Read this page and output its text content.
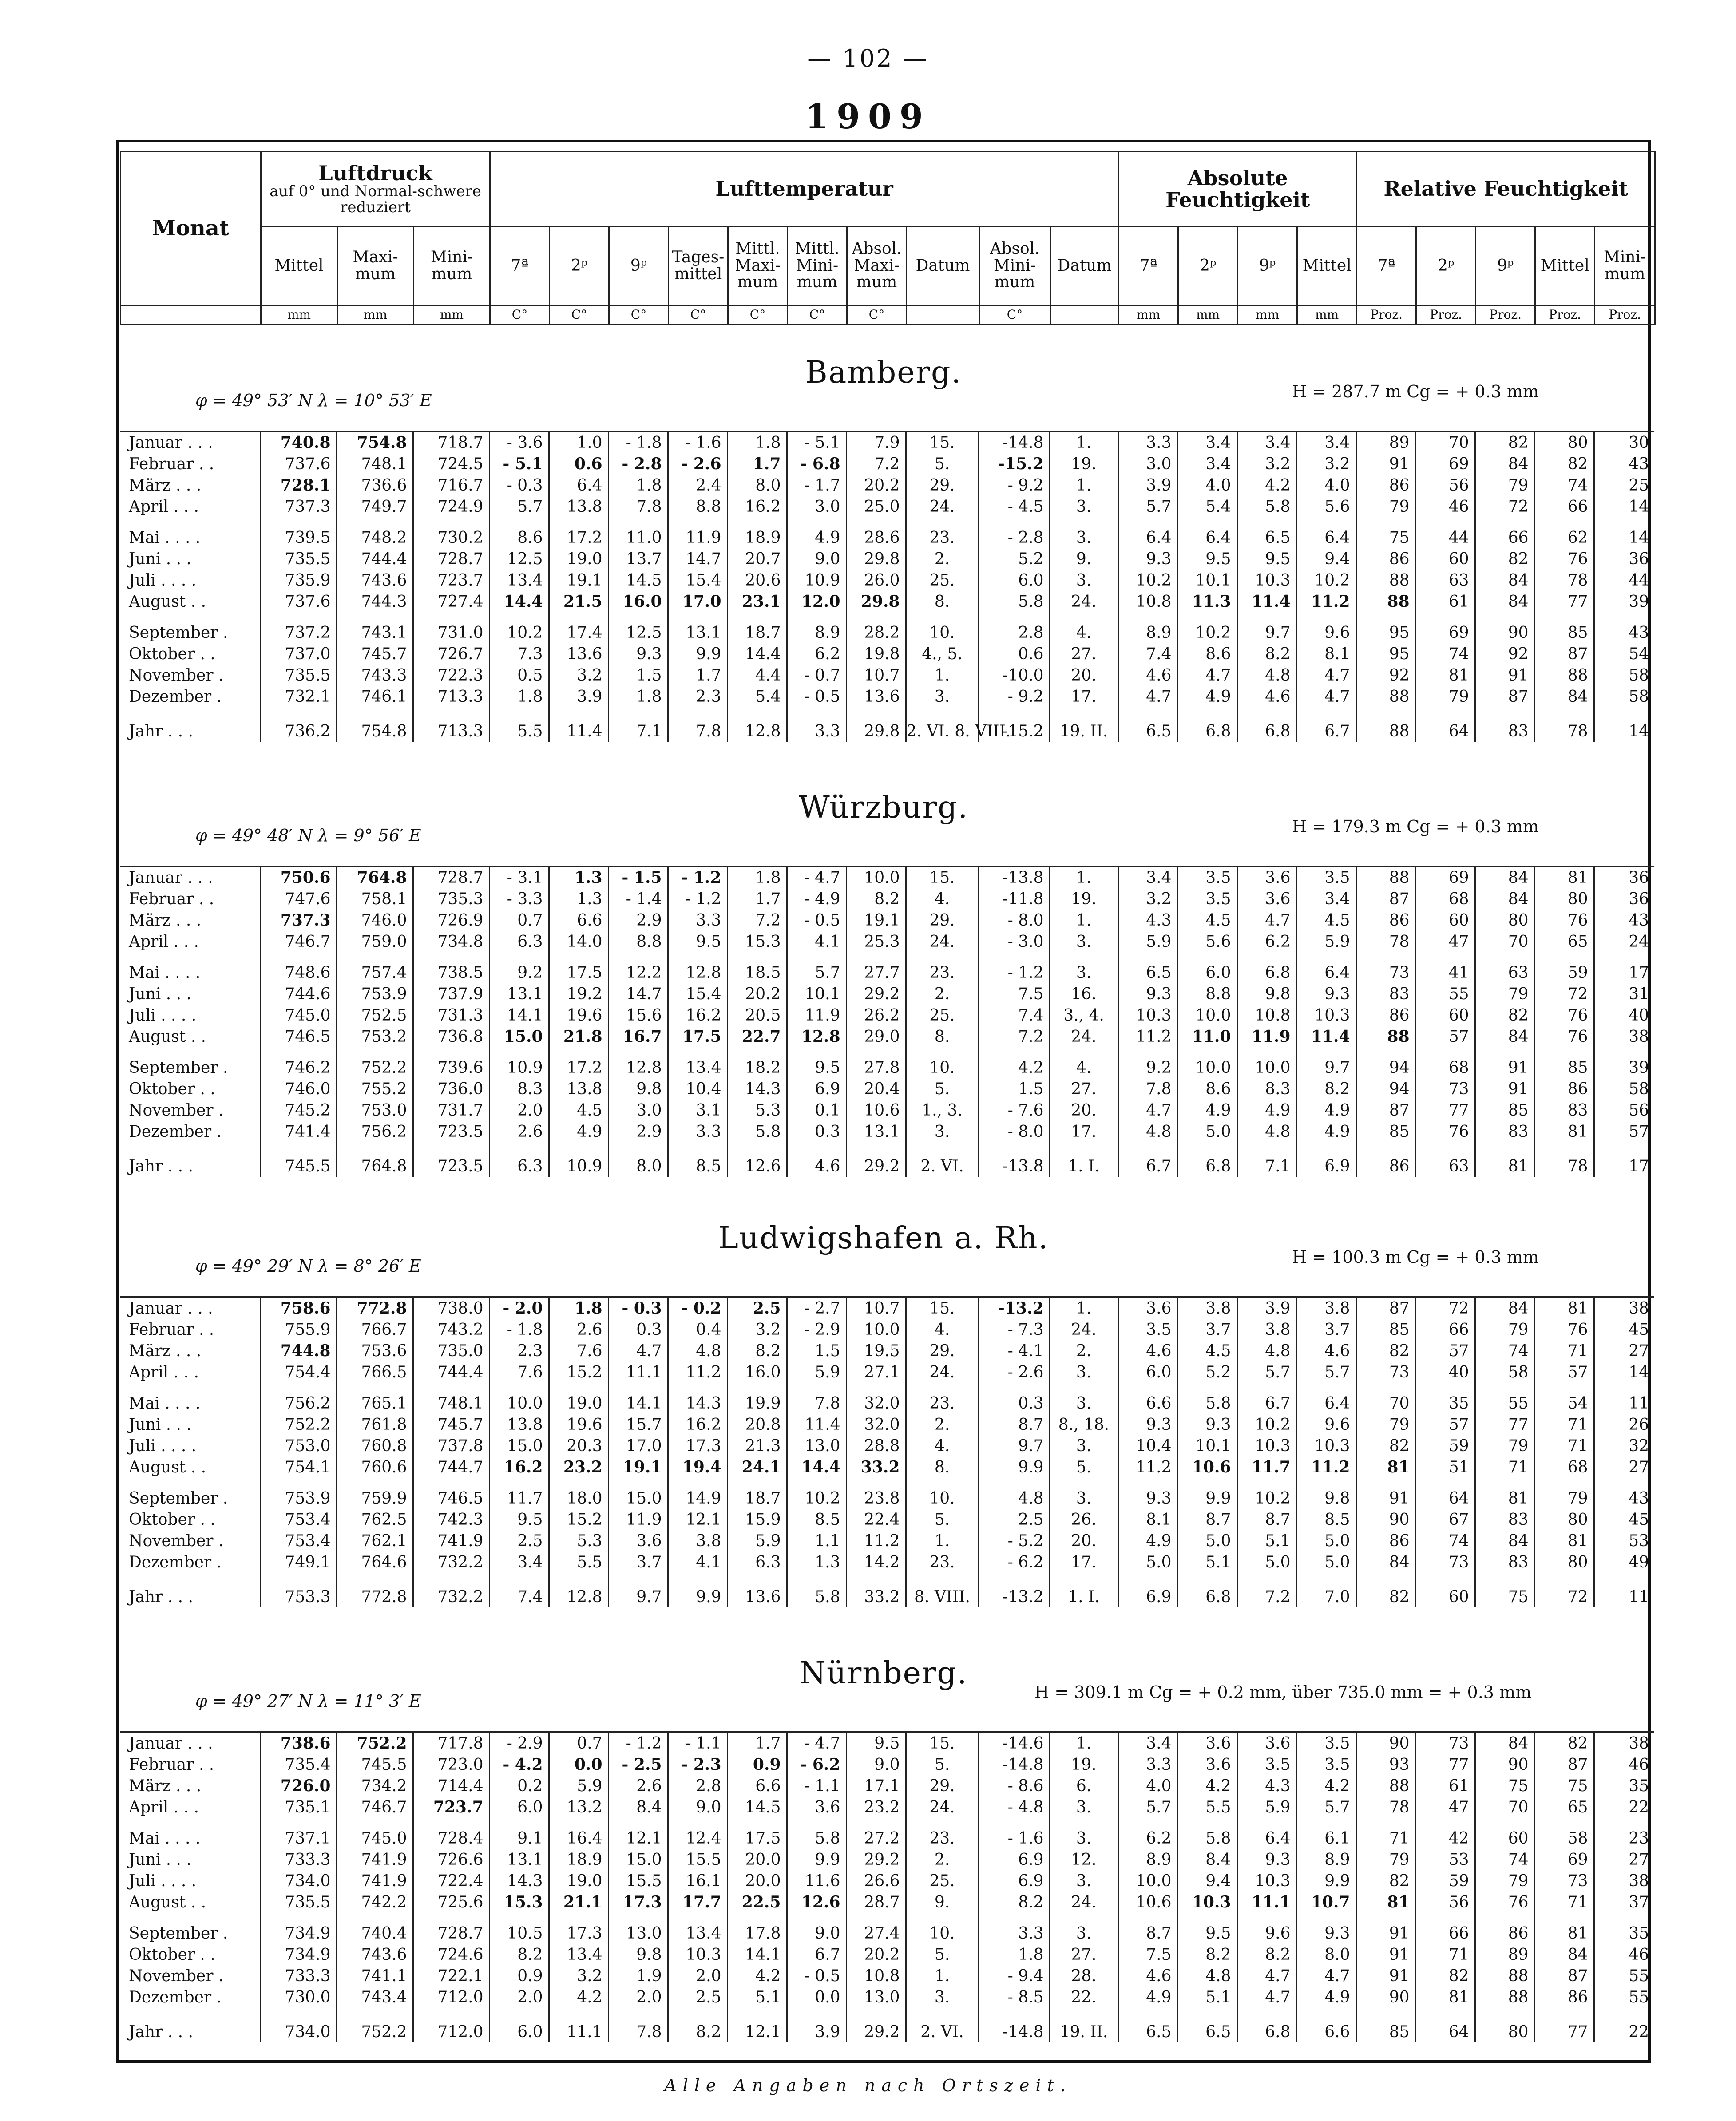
— 102 —
1909
Monat	Luftdruck
auf 0° und Normal-schwere reduziert			Lufttemperatur										Absolute Feuchtigkeit				Relative Feuchtigkeit				
	Mittel	Maxi-mum	Mini-mum	7ª	2ᵖ	9ᵖ	Tages-mittel	Mittl. Maxi-mum	Mittl. Mini-mum	Absol. Maxi-mum	Datum	Absol. Mini-mum	Datum	7ª	2ᵖ	9ᵖ	Mittel	7ª	2ᵖ	9ᵖ	Mittel	Mini-mum
	mm	mm	mm	C°	C°	C°	C°	C°	C°	C°		C°		mm	mm	mm	mm	Proz.	Proz.	Proz.	Proz.	Proz.
Bamberg.
φ = 49° 53′ N λ = 10° 53′ E	H = 287.7 m Cg = + 0.3 mm
Januar . . .	740.8	754.8	718.7	- 3.6	1.0	- 1.8	- 1.6	1.8	- 5.1	7.9	15.	-14.8	1.	3.3	3.4	3.4	3.4	89	70	82	80	30
Februar . .	737.6	748.1	724.5	- 5.1	0.6	- 2.8	- 2.6	1.7	- 6.8	7.2	5.	-15.2	19.	3.0	3.4	3.2	3.2	91	69	84	82	43
März . . .	728.1	736.6	716.7	- 0.3	6.4	1.8	2.4	8.0	- 1.7	20.2	29.	- 9.2	1.	3.9	4.0	4.2	4.0	86	56	79	74	25
April . . .	737.3	749.7	724.9	5.7	13.8	7.8	8.8	16.2	3.0	25.0	24.	- 4.5	3.	5.7	5.4	5.8	5.6	79	46	72	66	14
Mai . . . .	739.5	748.2	730.2	8.6	17.2	11.0	11.9	18.9	4.9	28.6	23.	- 2.8	3.	6.4	6.4	6.5	6.4	75	44	66	62	14
Juni . . .	735.5	744.4	728.7	12.5	19.0	13.7	14.7	20.7	9.0	29.8	2.	5.2	9.	9.3	9.5	9.5	9.4	86	60	82	76	36
Juli . . . .	735.9	743.6	723.7	13.4	19.1	14.5	15.4	20.6	10.9	26.0	25.	6.0	3.	10.2	10.1	10.3	10.2	88	63	84	78	44
August . .	737.6	744.3	727.4	14.4	21.5	16.0	17.0	23.1	12.0	29.8	8.	5.8	24.	10.8	11.3	11.4	11.2	88	61	84	77	39
September .	737.2	743.1	731.0	10.2	17.4	12.5	13.1	18.7	8.9	28.2	10.	2.8	4.	8.9	10.2	9.7	9.6	95	69	90	85	43
Oktober . .	737.0	745.7	726.7	7.3	13.6	9.3	9.9	14.4	6.2	19.8	4., 5.	0.6	27.	7.4	8.6	8.2	8.1	95	74	92	87	54
November .	735.5	743.3	722.3	0.5	3.2	1.5	1.7	4.4	- 0.7	10.7	1.	-10.0	20.	4.6	4.7	4.8	4.7	92	81	91	88	58
Dezember .	732.1	746.1	713.3	1.8	3.9	1.8	2.3	5.4	- 0.5	13.6	3.	- 9.2	17.	4.7	4.9	4.6	4.7	88	79	87	84	58
Jahr . . .	736.2	754.8	713.3	5.5	11.4	7.1	7.8	12.8	3.3	29.8	2. VI. 8. VIII.	-15.2	19. II.	6.5	6.8	6.8	6.7	88	64	83	78	14
Würzburg.
φ = 49° 48′ N λ = 9° 56′ E	H = 179.3 m Cg = + 0.3 mm
Januar . . .	750.6	764.8	728.7	- 3.1	1.3	- 1.5	- 1.2	1.8	- 4.7	10.0	15.	-13.8	1.	3.4	3.5	3.6	3.5	88	69	84	81	36
Februar . .	747.6	758.1	735.3	- 3.3	1.3	- 1.4	- 1.2	1.7	- 4.9	8.2	4.	-11.8	19.	3.2	3.5	3.6	3.4	87	68	84	80	36
März . . .	737.3	746.0	726.9	0.7	6.6	2.9	3.3	7.2	- 0.5	19.1	29.	- 8.0	1.	4.3	4.5	4.7	4.5	86	60	80	76	43
April . . .	746.7	759.0	734.8	6.3	14.0	8.8	9.5	15.3	4.1	25.3	24.	- 3.0	3.	5.9	5.6	6.2	5.9	78	47	70	65	24
Mai . . . .	748.6	757.4	738.5	9.2	17.5	12.2	12.8	18.5	5.7	27.7	23.	- 1.2	3.	6.5	6.0	6.8	6.4	73	41	63	59	17
Juni . . .	744.6	753.9	737.9	13.1	19.2	14.7	15.4	20.2	10.1	29.2	2.	7.5	16.	9.3	8.8	9.8	9.3	83	55	79	72	31
Juli . . . .	745.0	752.5	731.3	14.1	19.6	15.6	16.2	20.5	11.9	26.2	25.	7.4	3., 4.	10.3	10.0	10.8	10.3	86	60	82	76	40
August . .	746.5	753.2	736.8	15.0	21.8	16.7	17.5	22.7	12.8	29.0	8.	7.2	24.	11.2	11.0	11.9	11.4	88	57	84	76	38
September .	746.2	752.2	739.6	10.9	17.2	12.8	13.4	18.2	9.5	27.8	10.	4.2	4.	9.2	10.0	10.0	9.7	94	68	91	85	39
Oktober . .	746.0	755.2	736.0	8.3	13.8	9.8	10.4	14.3	6.9	20.4	5.	1.5	27.	7.8	8.6	8.3	8.2	94	73	91	86	58
November .	745.2	753.0	731.7	2.0	4.5	3.0	3.1	5.3	0.1	10.6	1., 3.	- 7.6	20.	4.7	4.9	4.9	4.9	87	77	85	83	56
Dezember .	741.4	756.2	723.5	2.6	4.9	2.9	3.3	5.8	0.3	13.1	3.	- 8.0	17.	4.8	5.0	4.8	4.9	85	76	83	81	57
Jahr . . .	745.5	764.8	723.5	6.3	10.9	8.0	8.5	12.6	4.6	29.2	2. VI.	-13.8	1. I.	6.7	6.8	7.1	6.9	86	63	81	78	17
Ludwigshafen a. Rh.
φ = 49° 29′ N λ = 8° 26′ E	H = 100.3 m Cg = + 0.3 mm
Januar . . .	758.6	772.8	738.0	- 2.0	1.8	- 0.3	- 0.2	2.5	- 2.7	10.7	15.	-13.2	1.	3.6	3.8	3.9	3.8	87	72	84	81	38
Februar . .	755.9	766.7	743.2	- 1.8	2.6	0.3	0.4	3.2	- 2.9	10.0	4.	- 7.3	24.	3.5	3.7	3.8	3.7	85	66	79	76	45
März . . .	744.8	753.6	735.0	2.3	7.6	4.7	4.8	8.2	1.5	19.5	29.	- 4.1	2.	4.6	4.5	4.8	4.6	82	57	74	71	27
April . . .	754.4	766.5	744.4	7.6	15.2	11.1	11.2	16.0	5.9	27.1	24.	- 2.6	3.	6.0	5.2	5.7	5.7	73	40	58	57	14
Mai . . . .	756.2	765.1	748.1	10.0	19.0	14.1	14.3	19.9	7.8	32.0	23.	0.3	3.	6.6	5.8	6.7	6.4	70	35	55	54	11
Juni . . .	752.2	761.8	745.7	13.8	19.6	15.7	16.2	20.8	11.4	32.0	2.	8.7	8., 18.	9.3	9.3	10.2	9.6	79	57	77	71	26
Juli . . . .	753.0	760.8	737.8	15.0	20.3	17.0	17.3	21.3	13.0	28.8	4.	9.7	3.	10.4	10.1	10.3	10.3	82	59	79	71	32
August . .	754.1	760.6	744.7	16.2	23.2	19.1	19.4	24.1	14.4	33.2	8.	9.9	5.	11.2	10.6	11.7	11.2	81	51	71	68	27
September .	753.9	759.9	746.5	11.7	18.0	15.0	14.9	18.7	10.2	23.8	10.	4.8	3.	9.3	9.9	10.2	9.8	91	64	81	79	43
Oktober . .	753.4	762.5	742.3	9.5	15.2	11.9	12.1	15.9	8.5	22.4	5.	2.5	26.	8.1	8.7	8.7	8.5	90	67	83	80	45
November .	753.4	762.1	741.9	2.5	5.3	3.6	3.8	5.9	1.1	11.2	1.	- 5.2	20.	4.9	5.0	5.1	5.0	86	74	84	81	53
Dezember .	749.1	764.6	732.2	3.4	5.5	3.7	4.1	6.3	1.3	14.2	23.	- 6.2	17.	5.0	5.1	5.0	5.0	84	73	83	80	49
Jahr . . .	753.3	772.8	732.2	7.4	12.8	9.7	9.9	13.6	5.8	33.2	8. VIII.	-13.2	1. I.	6.9	6.8	7.2	7.0	82	60	75	72	11
Nürnberg.
φ = 49° 27′ N λ = 11° 3′ E	H = 309.1 m Cg = + 0.2 mm, über 735.0 mm = + 0.3 mm
Januar . . .	738.6	752.2	717.8	- 2.9	0.7	- 1.2	- 1.1	1.7	- 4.7	9.5	15.	-14.6	1.	3.4	3.6	3.6	3.5	90	73	84	82	38
Februar . .	735.4	745.5	723.0	- 4.2	0.0	- 2.5	- 2.3	0.9	- 6.2	9.0	5.	-14.8	19.	3.3	3.6	3.5	3.5	93	77	90	87	46
März . . .	726.0	734.2	714.4	0.2	5.9	2.6	2.8	6.6	- 1.1	17.1	29.	- 8.6	6.	4.0	4.2	4.3	4.2	88	61	75	75	35
April . . .	735.1	746.7	723.7	6.0	13.2	8.4	9.0	14.5	3.6	23.2	24.	- 4.8	3.	5.7	5.5	5.9	5.7	78	47	70	65	22
Mai . . . .	737.1	745.0	728.4	9.1	16.4	12.1	12.4	17.5	5.8	27.2	23.	- 1.6	3.	6.2	5.8	6.4	6.1	71	42	60	58	23
Juni . . .	733.3	741.9	726.6	13.1	18.9	15.0	15.5	20.0	9.9	29.2	2.	6.9	12.	8.9	8.4	9.3	8.9	79	53	74	69	27
Juli . . . .	734.0	741.9	722.4	14.3	19.0	15.5	16.1	20.0	11.6	26.6	25.	6.9	3.	10.0	9.4	10.3	9.9	82	59	79	73	38
August . .	735.5	742.2	725.6	15.3	21.1	17.3	17.7	22.5	12.6	28.7	9.	8.2	24.	10.6	10.3	11.1	10.7	81	56	76	71	37
September .	734.9	740.4	728.7	10.5	17.3	13.0	13.4	17.8	9.0	27.4	10.	3.3	3.	8.7	9.5	9.6	9.3	91	66	86	81	35
Oktober . .	734.9	743.6	724.6	8.2	13.4	9.8	10.3	14.1	6.7	20.2	5.	1.8	27.	7.5	8.2	8.2	8.0	91	71	89	84	46
November .	733.3	741.1	722.1	0.9	3.2	1.9	2.0	4.2	- 0.5	10.8	1.	- 9.4	28.	4.6	4.8	4.7	4.7	91	82	88	87	55
Dezember .	730.0	743.4	712.0	2.0	4.2	2.0	2.5	5.1	0.0	13.0	3.	- 8.5	22.	4.9	5.1	4.7	4.9	90	81	88	86	55
Jahr . . .	734.0	752.2	712.0	6.0	11.1	7.8	8.2	12.1	3.9	29.2	2. VI.	-14.8	19. II.	6.5	6.5	6.8	6.6	85	64	80	77	22
Alle Angaben nach Ortszeit.
